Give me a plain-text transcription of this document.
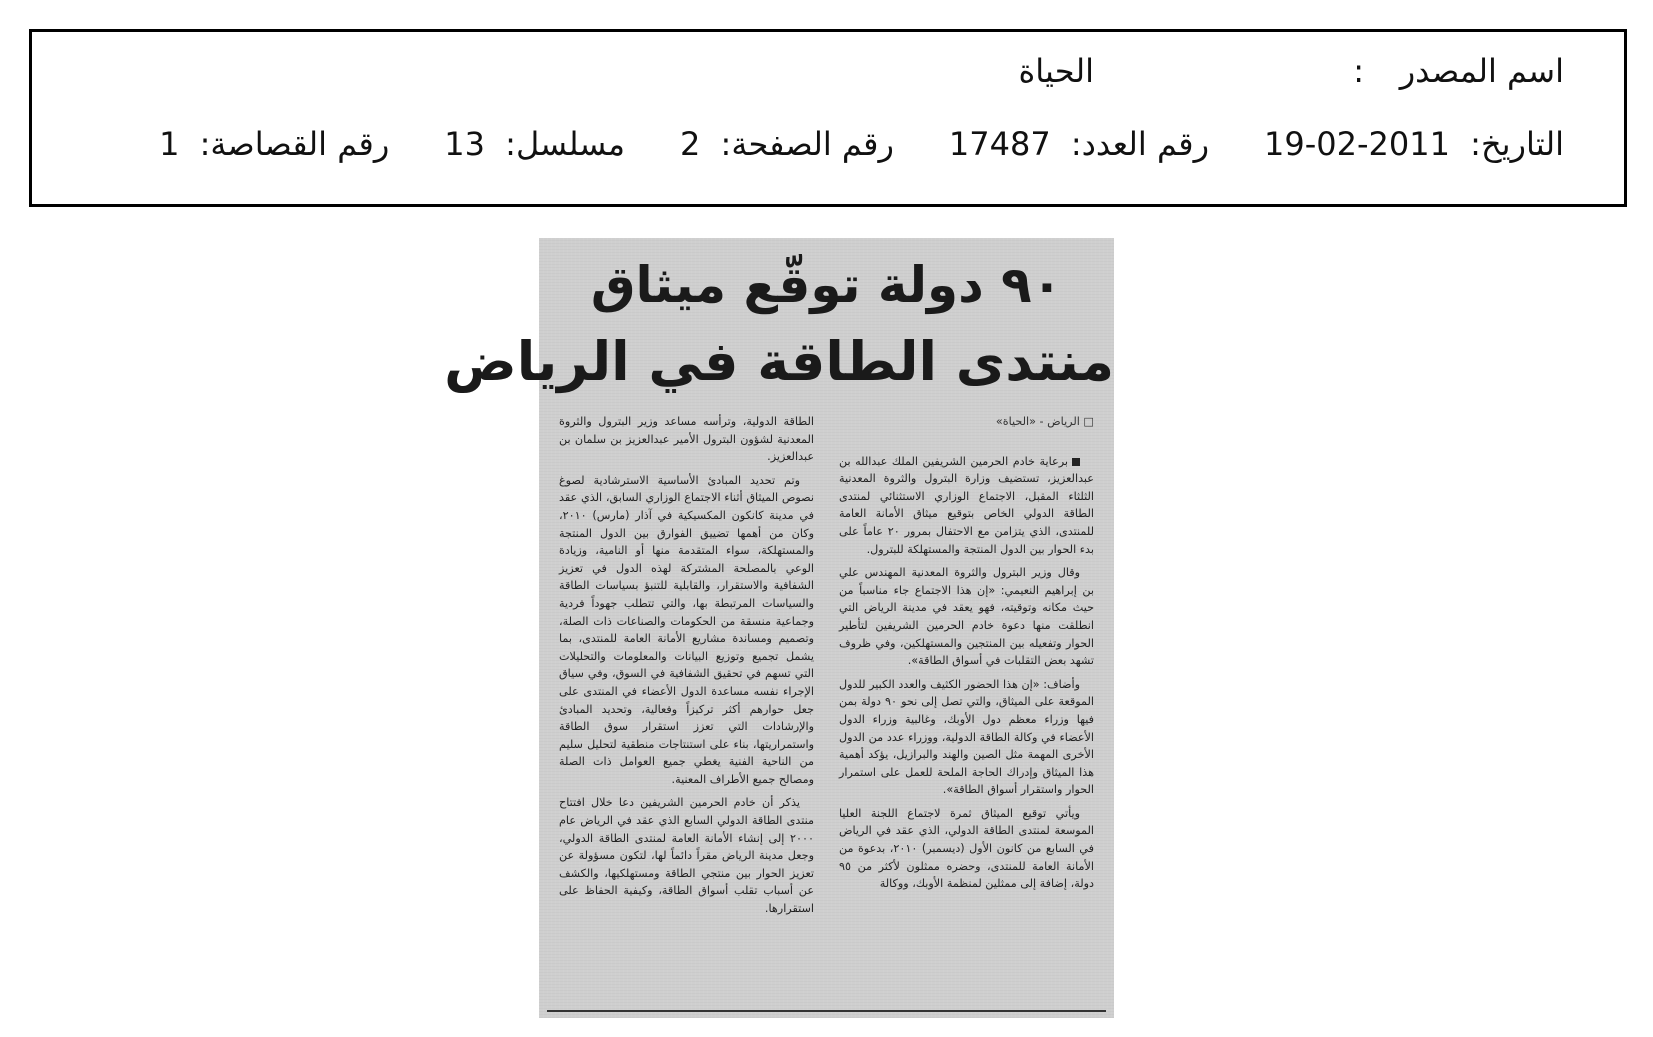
اسم المصدر
:
الحياة
التاريخ: 2011-02-19
رقم العدد: 17487
رقم الصفحة: 2
مسلسل: 13
رقم القصاصة: 1
٩٠ دولة توقّع ميثاق
منتدى الطاقة في الرياض
□ الرياض - «الحياة»

برعاية خادم الحرمين الشريفين الملك عبدالله بن عبدالعزيز، تستضيف وزارة البترول والثروة المعدنية الثلثاء المقبل، الاجتماع الوزاري الاستثنائي لمنتدى الطاقة الدولي الخاص بتوقيع ميثاق الأمانة العامة للمنتدى، الذي يتزامن مع الاحتفال بمرور ٢٠ عاماً على بدء الحوار بين الدول المنتجة والمستهلكة للبترول.

وقال وزير البترول والثروة المعدنية المهندس علي بن إبراهيم النعيمي: «إن هذا الاجتماع جاء مناسباً من حيث مكانه وتوقيته، فهو يعقد في مدينة الرياض التي انطلقت منها دعوة خادم الحرمين الشريفين لتأطير الحوار وتفعيله بين المنتجين والمستهلكين، وفي ظروف تشهد بعض التقلبات في أسواق الطاقة».

وأضاف: «إن هذا الحضور الكثيف والعدد الكبير للدول الموقعة على الميثاق، والتي تصل إلى نحو ٩٠ دولة بمن فيها وزراء معظم دول الأوبك، وغالبية وزراء الدول الأعضاء في وكالة الطاقة الدولية، ووزراء عدد من الدول الأخرى المهمة مثل الصين والهند والبرازيل، يؤكد أهمية هذا الميثاق وإدراك الحاجة الملحة للعمل على استمرار الحوار واستقرار أسواق الطاقة».

ويأتي توقيع الميثاق ثمرة لاجتماع اللجنة العليا الموسعة لمنتدى الطاقة الدولي، الذي عقد في الرياض في السابع من كانون الأول (ديسمبر) ٢٠١٠، بدعوة من الأمانة العامة للمنتدى، وحضره ممثلون لأكثر من ٩٥ دولة، إضافة إلى ممثلين لمنظمة الأوبك، ووكالة

الطاقة الدولية، وترأسه مساعد وزير البترول والثروة المعدنية لشؤون البترول الأمير عبدالعزيز بن سلمان بن عبدالعزيز.

وتم تحديد المبادئ الأساسية الاسترشادية لصوغ نصوص الميثاق أثناء الاجتماع الوزاري السابق، الذي عقد في مدينة كانكون المكسيكية في آذار (مارس) ٢٠١٠، وكان من أهمها تضييق الفوارق بين الدول المنتجة والمستهلكة، سواء المتقدمة منها أو النامية، وزيادة الوعي بالمصلحة المشتركة لهذه الدول في تعزيز الشفافية والاستقرار، والقابلية للتنبؤ بسياسات الطاقة والسياسات المرتبطة بها، والتي تتطلب جهوداً فردية وجماعية منسقة من الحكومات والصناعات ذات الصلة، وتصميم ومساندة مشاريع الأمانة العامة للمنتدى، بما يشمل تجميع وتوزيع البيانات والمعلومات والتحليلات التي تسهم في تحقيق الشفافية في السوق، وفي سياق الإجراء نفسه مساعدة الدول الأعضاء في المنتدى على جعل حوارهم أكثر تركيزاً وفعالية، وتحديد المبادئ والإرشادات التي تعزز استقرار سوق الطاقة واستمراريتها، بناء على استنتاجات منطقية لتحليل سليم من الناحية الفنية يغطي جميع العوامل ذات الصلة ومصالح جميع الأطراف المعنية.

يذكر أن خادم الحرمين الشريفين دعا خلال افتتاح منتدى الطاقة الدولي السابع الذي عقد في الرياض عام ٢٠٠٠ إلى إنشاء الأمانة العامة لمنتدى الطاقة الدولي، وجعل مدينة الرياض مقراً دائماً لها، لتكون مسؤولة عن تعزيز الحوار بين منتجي الطاقة ومستهلكيها، والكشف عن أسباب تقلب أسواق الطاقة، وكيفية الحفاظ على استقرارها.
